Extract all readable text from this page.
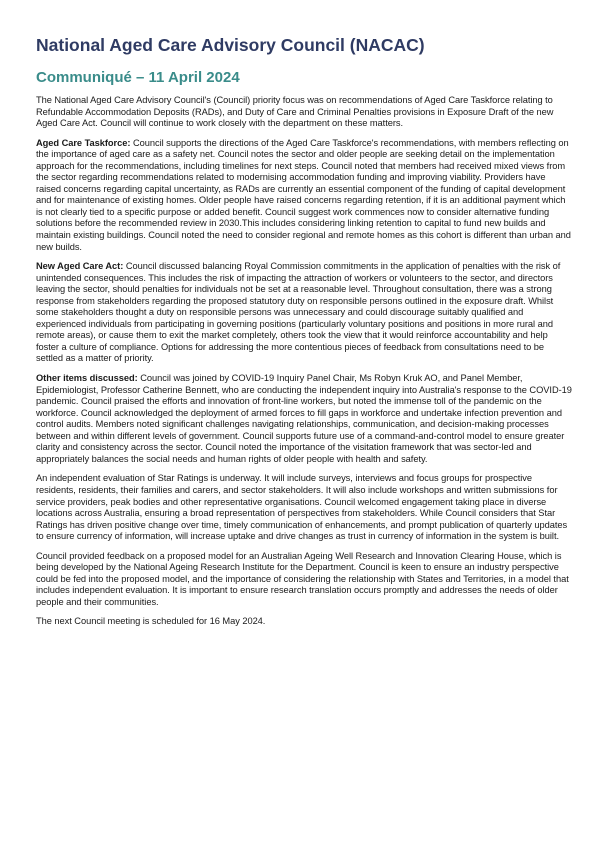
National Aged Care Advisory Council (NACAC)
Communiqué – 11 April 2024

The National Aged Care Advisory Council's (Council) priority focus was on recommendations of Aged Care Taskforce relating to Refundable Accommodation Deposits (RADs), and Duty of Care and Criminal Penalties provisions in Exposure Draft of the new Aged Care Act. Council will continue to work closely with the department on these matters.

Aged Care Taskforce: Council supports the directions of the Aged Care Taskforce's recommendations, with members reflecting on the importance of aged care as a safety net. Council notes the sector and older people are seeking detail on the implementation approach for the recommendations, including timelines for next steps. Council noted that members had received mixed views from the sector regarding recommendations related to modernising accommodation funding and improving viability. Providers have raised concerns regarding capital uncertainty, as RADs are currently an essential component of the funding of capital development and for maintenance of existing homes. Older people have raised concerns regarding retention, if it is an additional payment which is not clearly tied to a specific purpose or added benefit. Council suggest work commences now to consider alternative funding solutions before the recommended review in 2030.This includes considering linking retention to capital to fund new builds and maintain existing buildings. Council noted the need to consider regional and remote homes as this cohort is different than urban and new builds.

New Aged Care Act: Council discussed balancing Royal Commission commitments in the application of penalties with the risk of unintended consequences. This includes the risk of impacting the attraction of workers or volunteers to the sector, and directors leaving the sector, should penalties for individuals not be set at a reasonable level. Throughout consultation, there was a strong response from stakeholders regarding the proposed statutory duty on responsible persons outlined in the exposure draft. Whilst some stakeholders thought a duty on responsible persons was unnecessary and could discourage suitably qualified and experienced individuals from participating in governing positions (particularly voluntary positions and positions in more rural and remote areas), or cause them to exit the market completely, others took the view that it would reinforce accountability and help foster a culture of compliance. Options for addressing the more contentious pieces of feedback from consultations need to be settled as a matter of priority.

Other items discussed: Council was joined by COVID-19 Inquiry Panel Chair, Ms Robyn Kruk AO, and Panel Member, Epidemiologist, Professor Catherine Bennett, who are conducting the independent inquiry into Australia's response to the COVID-19 pandemic. Council praised the efforts and innovation of front-line workers, but noted the immense toll of the pandemic on the workforce. Council acknowledged the deployment of armed forces to fill gaps in workforce and undertake infection prevention and control audits. Members noted significant challenges navigating relationships, communication, and decision-making processes between and within different levels of government. Council supports future use of a command-and-control model to ensure greater clarity and consistency across the sector. Council noted the importance of the visitation framework that was sector-led and appropriately balances the social needs and human rights of older people with health and safety.

An independent evaluation of Star Ratings is underway. It will include surveys, interviews and focus groups for prospective residents, residents, their families and carers, and sector stakeholders. It will also include workshops and written submissions for service providers, peak bodies and other representative organisations. Council welcomed engagement taking place in diverse locations across Australia, ensuring a broad representation of perspectives from stakeholders. While Council considers that Star Ratings has driven positive change over time, timely communication of enhancements, and prompt publication of quarterly updates to ensure currency of information, will increase uptake and drive changes as trust in currency of information in the system is built.

Council provided feedback on a proposed model for an Australian Ageing Well Research and Innovation Clearing House, which is being developed by the National Ageing Research Institute for the Department. Council is keen to ensure an industry perspective could be fed into the proposed model, and the importance of considering the relationship with States and Territories, in a model that includes independent evaluation. It is important to ensure research translation occurs promptly and addresses the needs of older people and their communities.

The next Council meeting is scheduled for 16 May 2024.
